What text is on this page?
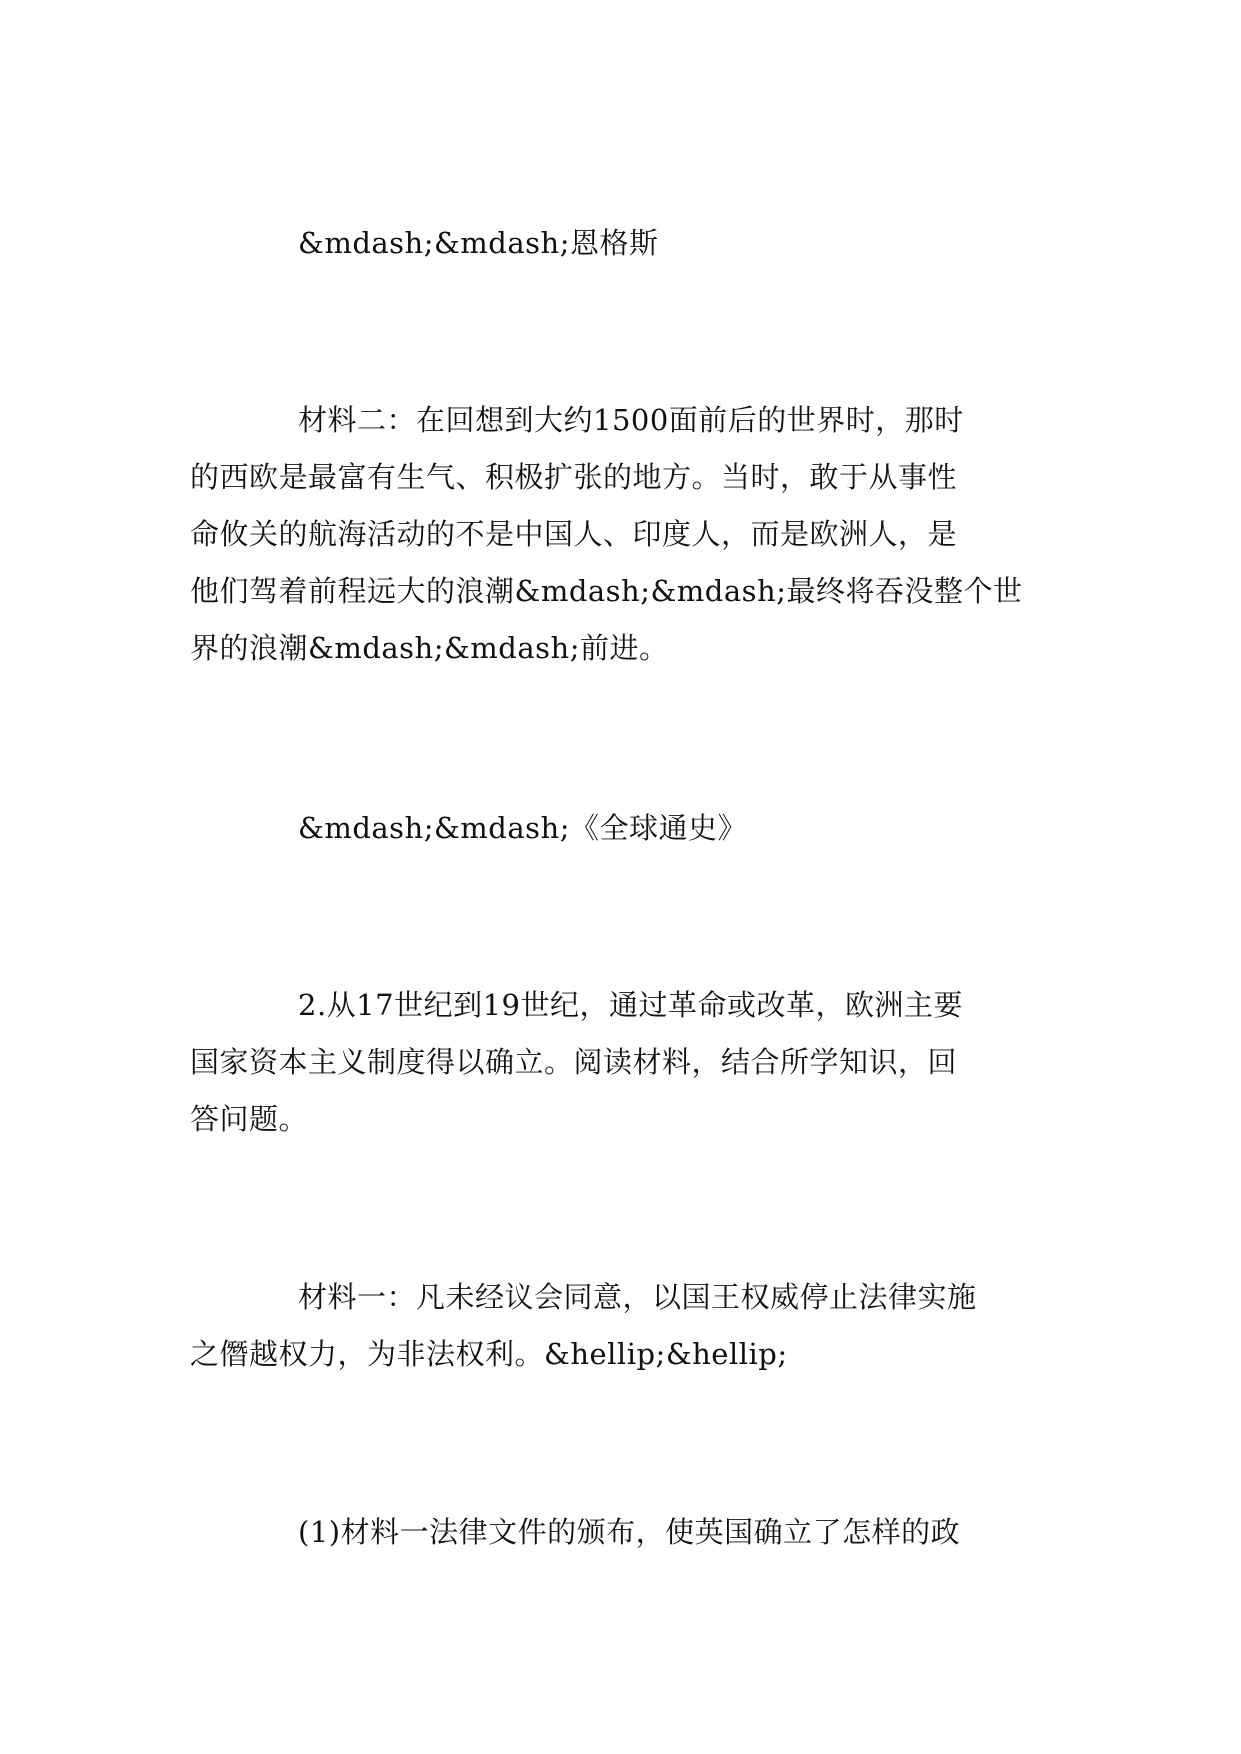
&mdash;&mdash;恩格斯
材料二：在回想到大约1500面前后的世界时，那时
的西欧是最富有生气、积极扩张的地方。当时，敢于从事性
命攸关的航海活动的不是中国人、印度人，而是欧洲人，是
他们驾着前程远大的浪潮&mdash;&mdash;最终将吞没整个世
界的浪潮&mdash;&mdash;前进。
&mdash;&mdash;《全球通史》
2.从17世纪到19世纪，通过革命或改革，欧洲主要
国家资本主义制度得以确立。阅读材料，结合所学知识，回
答问题。
材料一：凡未经议会同意，以国王权威停止法律实施
之僭越权力，为非法权利。&hellip;&hellip;
(1)材料一法律文件的颁布，使英国确立了怎样的政
